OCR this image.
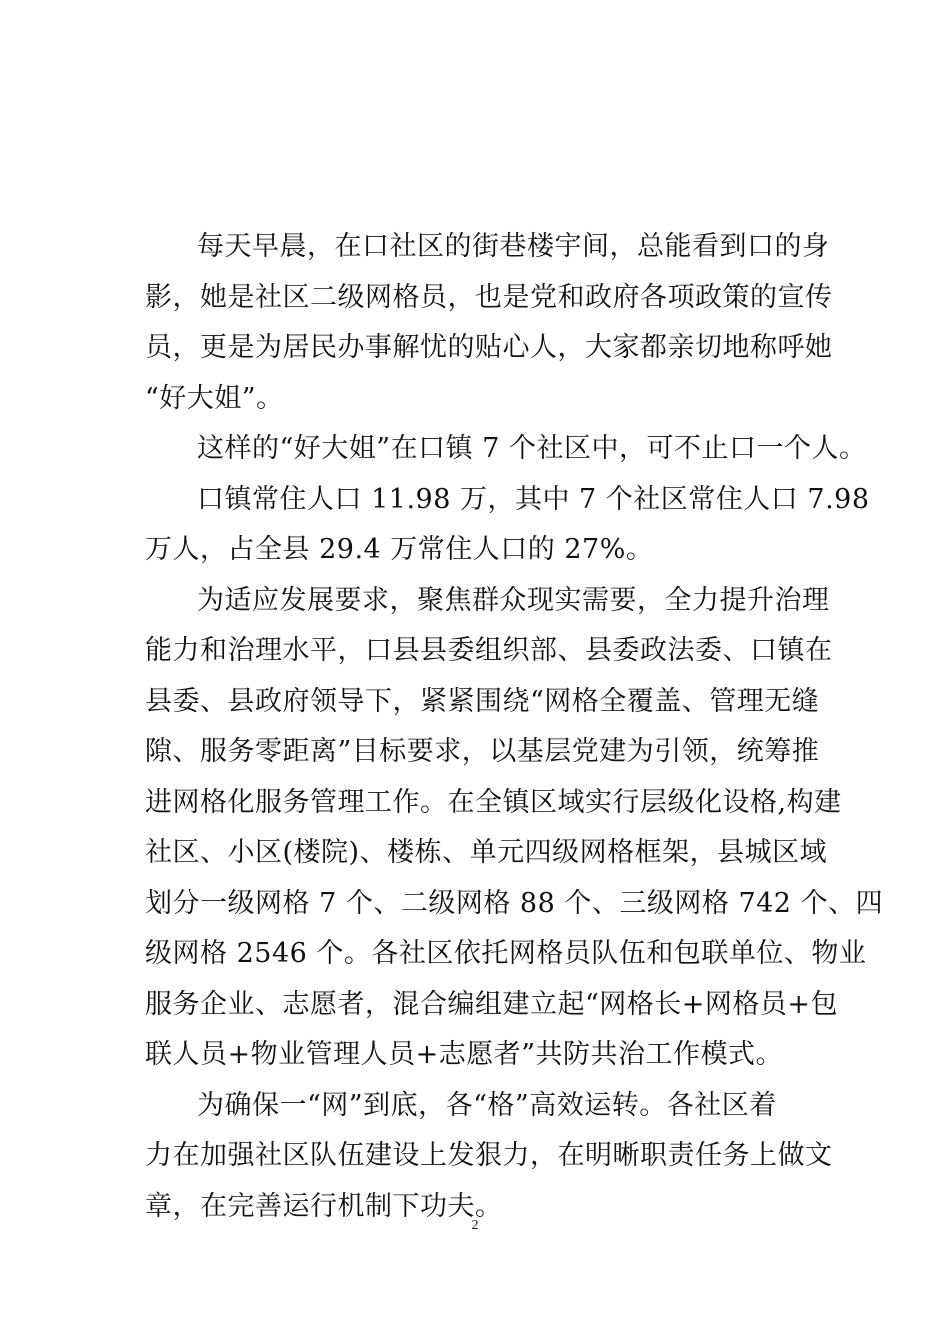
每天早晨，在口社区的街巷楼宇间，总能看到口的身
影，她是社区二级网格员，也是党和政府各项政策的宣传
员，更是为居民办事解忧的贴心人，大家都亲切地称呼她
“好大姐”。

这样的“好大姐”在口镇 7 个社区中，可不止口一个人。

口镇常住人口 11.98 万，其中 7 个社区常住人口 7.98
万人，占全县 29.4 万常住人口的 27%。

为适应发展要求，聚焦群众现实需要，全力提升治理
能力和治理水平，口县县委组织部、县委政法委、口镇在
县委、县政府领导下，紧紧围绕“网格全覆盖、管理无缝
隙、服务零距离”目标要求，以基层党建为引领，统筹推
进网格化服务管理工作。在全镇区域实行层级化设格,构建
社区、小区(楼院)、楼栋、单元四级网格框架，县城区域
划分一级网格 7 个、二级网格 88 个、三级网格 742 个、四
级网格 2546 个。各社区依托网格员队伍和包联单位、物业
服务企业、志愿者，混合编组建立起“网格长+网格员+包
联人员+物业管理人员+志愿者”共防共治工作模式。

为确保一“网”到底，各“格”高效运转。各社区着
力在加强社区队伍建设上发狠力，在明晰职责任务上做文
章，在完善运行机制下功夫。

2
